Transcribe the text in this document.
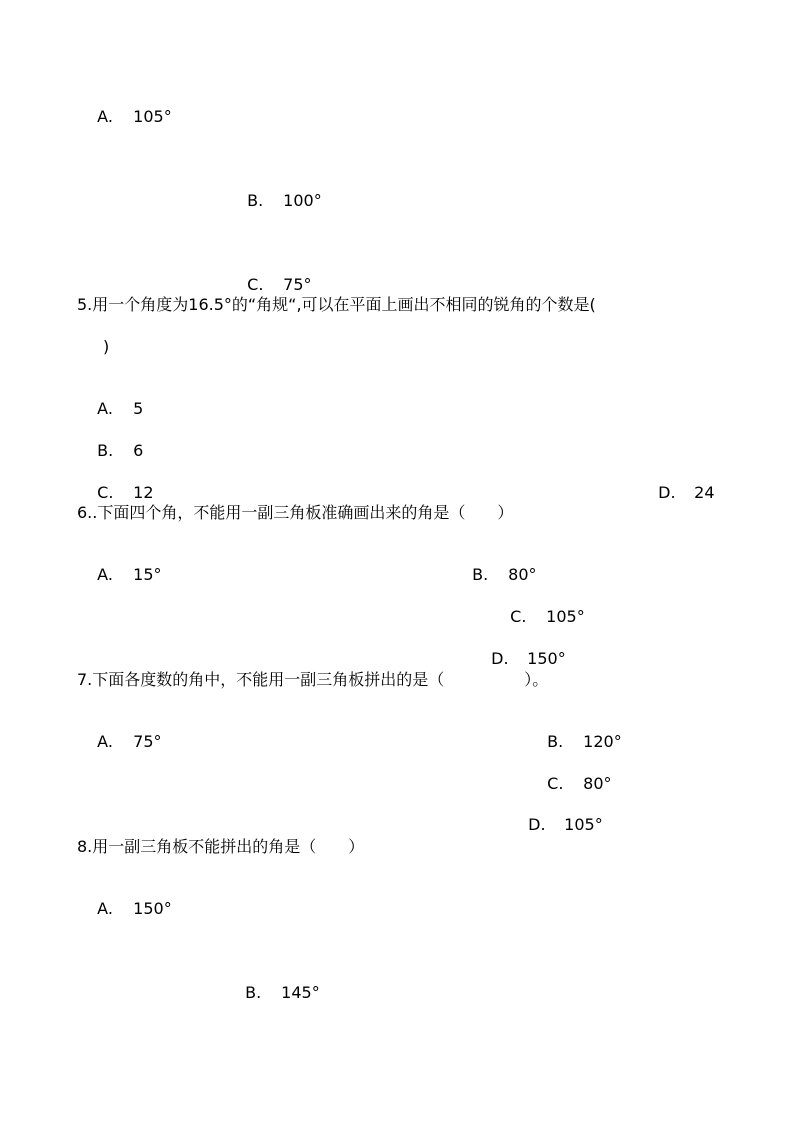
A. 105°

B. 100°

C. 75°

5.用一个角度为16.5°的“角规“,可以在平面上画出不相同的锐角的个数是(
)

A. 5

B. 6

C. 12	D. 24

6..下面四个角，不能用一副三角板准确画出来的角是（　　）

A. 15°	B. 80°

C. 105°

D. 150°

7.下面各度数的角中，不能用一副三角板拼出的是（　　　　　）。

A. 75°	B. 120°

C. 80°

D. 105°

8.用一副三角板不能拼出的角是（　　）

A. 150°

B. 145°
